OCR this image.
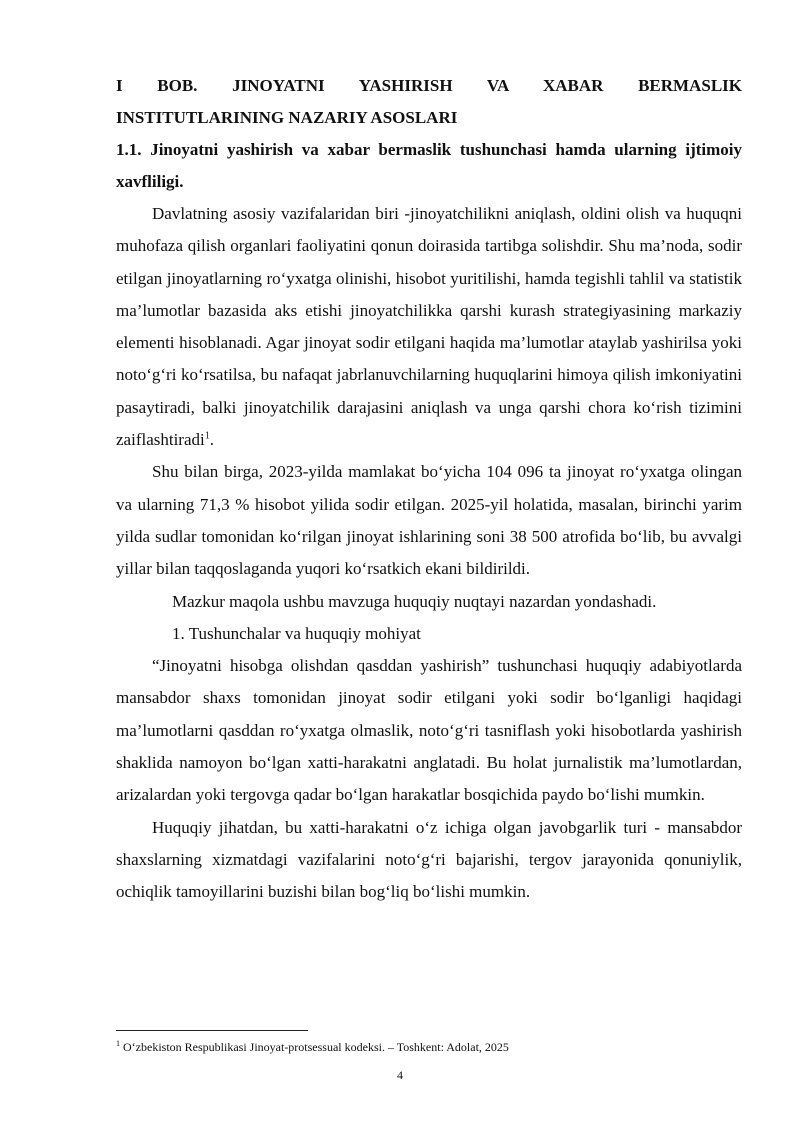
I BOB. JINOYATNI YASHIRISH VA XABAR BERMASLIK
INSTITUTLARINING NAZARIY ASOSLARI

1.1. Jinoyatni yashirish va xabar bermaslik tushunchasi hamda ularning ijtimoiy xavfliligi.

Davlatning asosiy vazifalaridan biri -jinoyatchilikni aniqlash, oldini olish va huquqni muhofaza qilish organlari faoliyatini qonun doirasida tartibga solishdir. Shu ma’noda, sodir etilgan jinoyatlarning ro‘yxatga olinishi, hisobot yuritilishi, hamda tegishli tahlil va statistik ma’lumotlar bazasida aks etishi jinoyatchilikka qarshi kurash strategiyasining markaziy elementi hisoblanadi. Agar jinoyat sodir etilgani haqida ma’lumotlar ataylab yashirilsa yoki noto‘g‘ri ko‘rsatilsa, bu nafaqat jabrlanuvchilarning huquqlarini himoya qilish imkoniyatini pasaytiradi, balki jinoyatchilik darajasini aniqlash va unga qarshi chora ko‘rish tizimini zaiflashtiradi$^1$.

Shu bilan birga, 2023-yilda mamlakat bo‘yicha 104 096 ta jinoyat ro‘yxatga olingan va ularning 71,3 % hisobot yilida sodir etilgan. 2025-yil holatida, masalan, birinchi yarim yilda sudlar tomonidan ko‘rilgan jinoyat ishlarining soni 38 500 atrofida bo‘lib, bu avvalgi yillar bilan taqqoslaganda yuqori ko‘rsatkich ekani bildirildi.

Mazkur maqola ushbu mavzuga huquqiy nuqtayi nazardan yondashadi.

1. Tushunchalar va huquqiy mohiyat

“Jinoyatni hisobga olishdan qasddan yashirish” tushunchasi huquqiy adabiyotlarda mansabdor shaxs tomonidan jinoyat sodir etilgani yoki sodir bo‘lganligi haqidagi ma’lumotlarni qasddan ro‘yxatga olmaslik, noto‘g‘ri tasniflash yoki hisobotlarda yashirish shaklida namoyon bo‘lgan xatti-harakatni anglatadi. Bu holat jurnalistik ma’lumotlardan, arizalardan yoki tergovga qadar bo‘lgan harakatlar bosqichida paydo bo‘lishi mumkin.

Huquqiy jihatdan, bu xatti-harakatni o‘z ichiga olgan javobgarlik turi - mansabdor shaxslarning xizmatdagi vazifalarini noto‘g‘ri bajarishi, tergov jarayonida qonuniylik, ochiqlik tamoyillarini buzishi bilan bog‘liq bo‘lishi mumkin.

$^1$ O‘zbekiston Respublikasi Jinoyat-protsessual kodeksi. – Toshkent: Adolat, 2025
4
